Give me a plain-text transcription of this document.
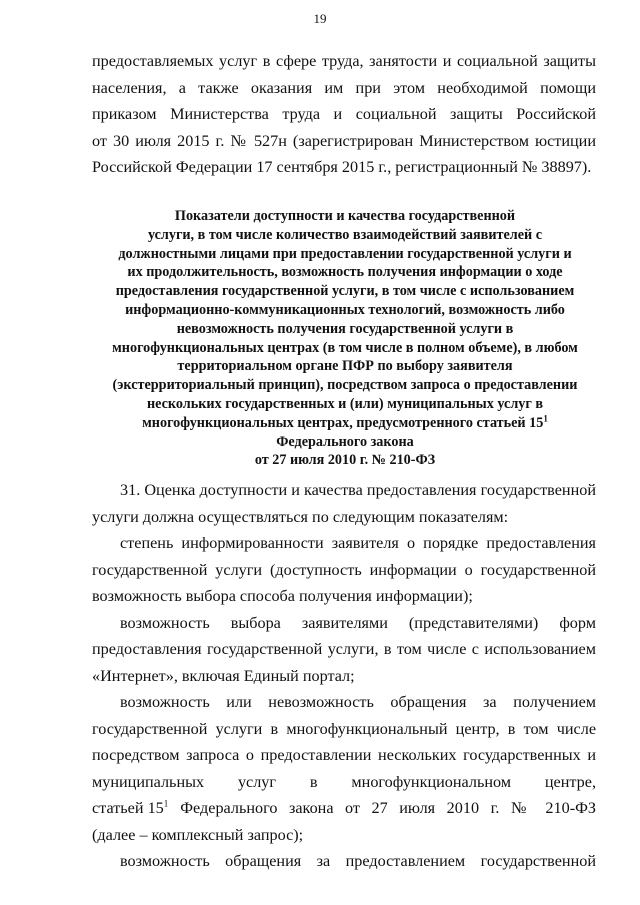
19
предоставляемых услуг в сфере труда, занятости и социальной защиты
населения, а также оказания им при этом необходимой помощи
приказом Министерства труда и социальной защиты Российской
от 30 июля 2015 г. № 527н (зарегистрирован Министерством юстиции
Российской Федерации 17 сентября 2015 г., регистрационный № 38897).
Показатели доступности и качества государственной
услуги, в том числе количество взаимодействий заявителей с
должностными лицами при предоставлении государственной услуги и
их продолжительность, возможность получения информации о ходе
предоставления государственной услуги, в том числе с использованием
информационно-коммуникационных технологий, возможность либо
невозможность получения государственной услуги в
многофункциональных центрах (в том числе в полном объеме), в любом
территориальном органе ПФР по выбору заявителя
(экстерриториальный принцип), посредством запроса о предоставлении
нескольких государственных и (или) муниципальных услуг в
многофункциональных центрах, предусмотренного статьей $15^1$
Федерального закона
от 27 июля 2010 г. № 210-ФЗ
31. Оценка доступности и качества предоставления государственной
услуги должна осуществляться по следующим показателям:
степень информированности заявителя о порядке предоставления
государственной услуги (доступность информации о государственной
возможность выбора способа получения информации);
возможность выбора заявителями (представителями) форм
предоставления государственной услуги, в том числе с использованием
«Интернет», включая Единый портал;
возможность или невозможность обращения за получением
государственной услуги в многофункциональный центр, в том числе
посредством запроса о предоставлении нескольких государственных и
муниципальных услуг в многофункциональном центре,
статьей $15^1$ Федерального закона от 27 июля 2010 г. № 210-ФЗ
(далее – комплексный запрос);
возможность обращения за предоставлением государственной
